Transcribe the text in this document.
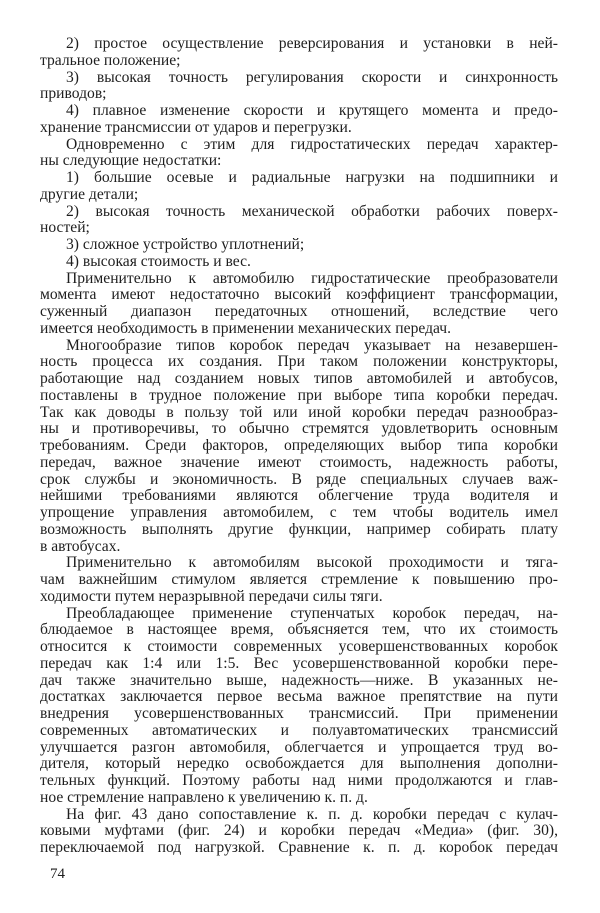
2) простое осуществление реверсирования и установки в ней-
тральное положение;
3) высокая точность регулирования скорости и синхронность
приводов;
4) плавное изменение скорости и крутящего момента и предо-
хранение трансмиссии от ударов и перегрузки.
Одновременно с этим для гидростатических передач характер-
ны следующие недостатки:
1) большие осевые и радиальные нагрузки на подшипники и
другие детали;
2) высокая точность механической обработки рабочих поверх-
ностей;
3) сложное устройство уплотнений;
4) высокая стоимость и вес.
Применительно к автомобилю гидростатические преобразователи
момента имеют недостаточно высокий коэффициент трансформации,
суженный диапазон передаточных отношений, вследствие чего
имеется необходимость в применении механических передач.
Многообразие типов коробок передач указывает на незавершен-
ность процесса их создания. При таком положении конструкторы,
работающие над созданием новых типов автомобилей и автобусов,
поставлены в трудное положение при выборе типа коробки передач.
Так как доводы в пользу той или иной коробки передач разнообраз-
ны и противоречивы, то обычно стремятся удовлетворить основным
требованиям. Среди факторов, определяющих выбор типа коробки
передач, важное значение имеют стоимость, надежность работы,
срок службы и экономичность. В ряде специальных случаев важ-
нейшими требованиями являются облегчение труда водителя и
упрощение управления автомобилем, с тем чтобы водитель имел
возможность выполнять другие функции, например собирать плату
в автобусах.
Применительно к автомобилям высокой проходимости и тяга-
чам важнейшим стимулом является стремление к повышению про-
ходимости путем неразрывной передачи силы тяги.
Преобладающее применение ступенчатых коробок передач, на-
блюдаемое в настоящее время, объясняется тем, что их стоимость
относится к стоимости современных усовершенствованных коробок
передач как 1:4 или 1:5. Вес усовершенствованной коробки пере-
дач также значительно выше, надежность—ниже. В указанных не-
достатках заключается первое весьма важное препятствие на пути
внедрения усовершенствованных трансмиссий. При применении
современных автоматических и полуавтоматических трансмиссий
улучшается разгон автомобиля, облегчается и упрощается труд во-
дителя, который нередко освобождается для выполнения дополни-
тельных функций. Поэтому работы над ними продолжаются и глав-
ное стремление направлено к увеличению к. п. д.
На фиг. 43 дано сопоставление к. п. д. коробки передач с кулач-
ковыми муфтами (фиг. 24) и коробки передач «Медиа» (фиг. 30),
переключаемой под нагрузкой. Сравнение к. п. д. коробок передач
74
